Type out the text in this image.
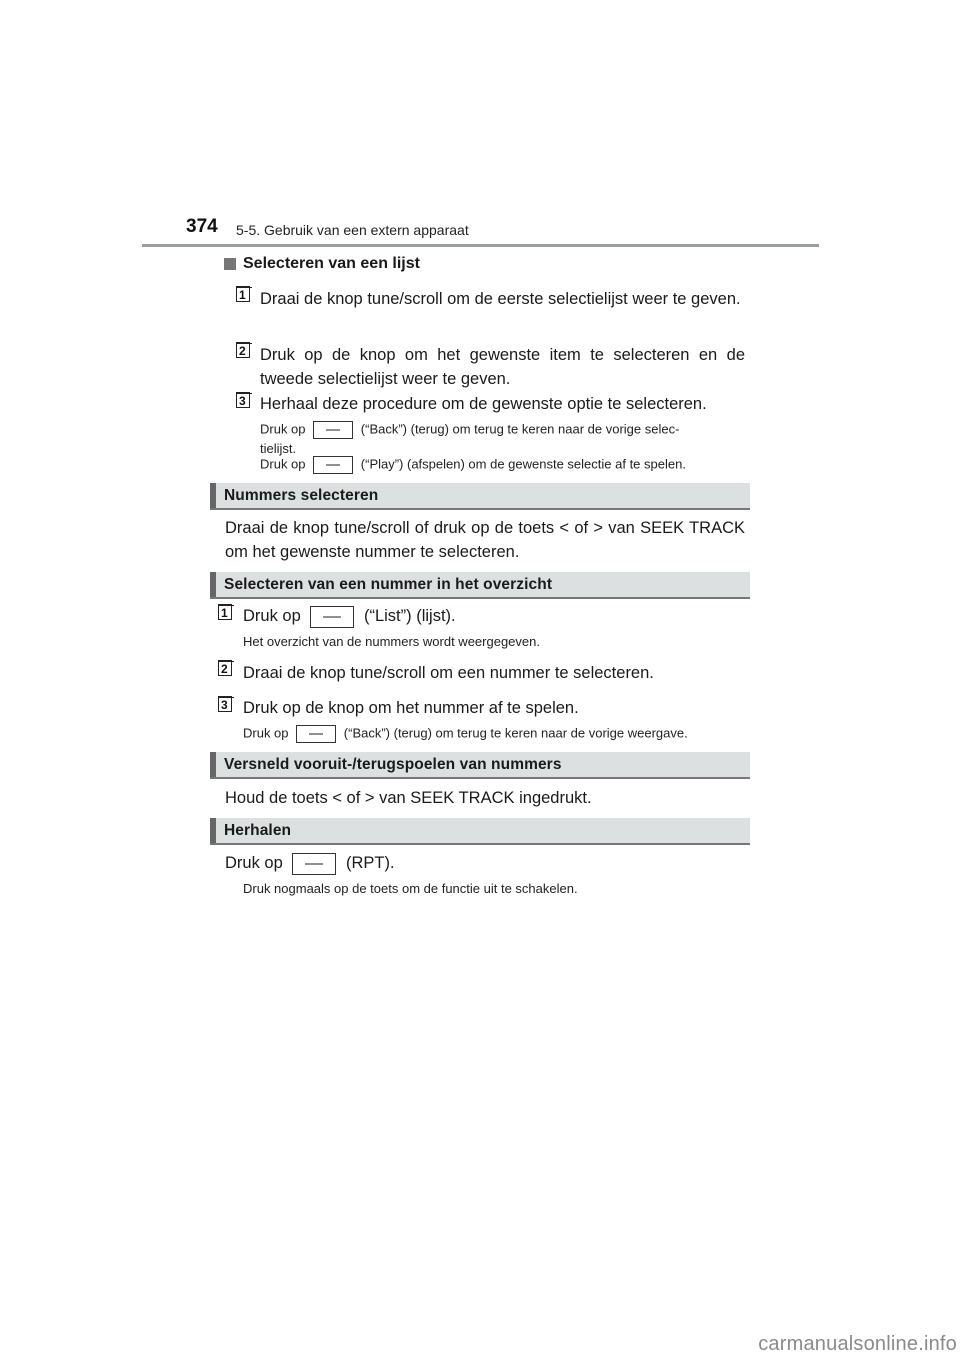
374 5-5. Gebruik van een extern apparaat
Selecteren van een lijst
1 Draai de knop tune/scroll om de eerste selectielijst weer te geven.
2 Druk op de knop om het gewenste item te selecteren en de tweede selectielijst weer te geven.
3 Herhaal deze procedure om de gewenste optie te selecteren.
Druk op	(“Back”) (terug) om terug te keren naar de vorige selec-
tielijst.
Druk op	(“Play”) (afspelen) om de gewenste selectie af te spelen.
Nummers selecteren
Draai de knop tune/scroll of druk op de toets < of > van SEEK TRACK om het gewenste nummer te selecteren.
Selecteren van een nummer in het overzicht
1 Druk op	(“List”) (lijst).
Het overzicht van de nummers wordt weergegeven.
2 Draai de knop tune/scroll om een nummer te selecteren.
3 Druk op de knop om het nummer af te spelen.
Druk op	(“Back”) (terug) om terug te keren naar de vorige weergave.
Versneld vooruit-/terugspoelen van nummers
Houd de toets < of > van SEEK TRACK ingedrukt.
Herhalen
Druk op	(RPT).
Druk nogmaals op de toets om de functie uit te schakelen.
carmanualsonline.info
